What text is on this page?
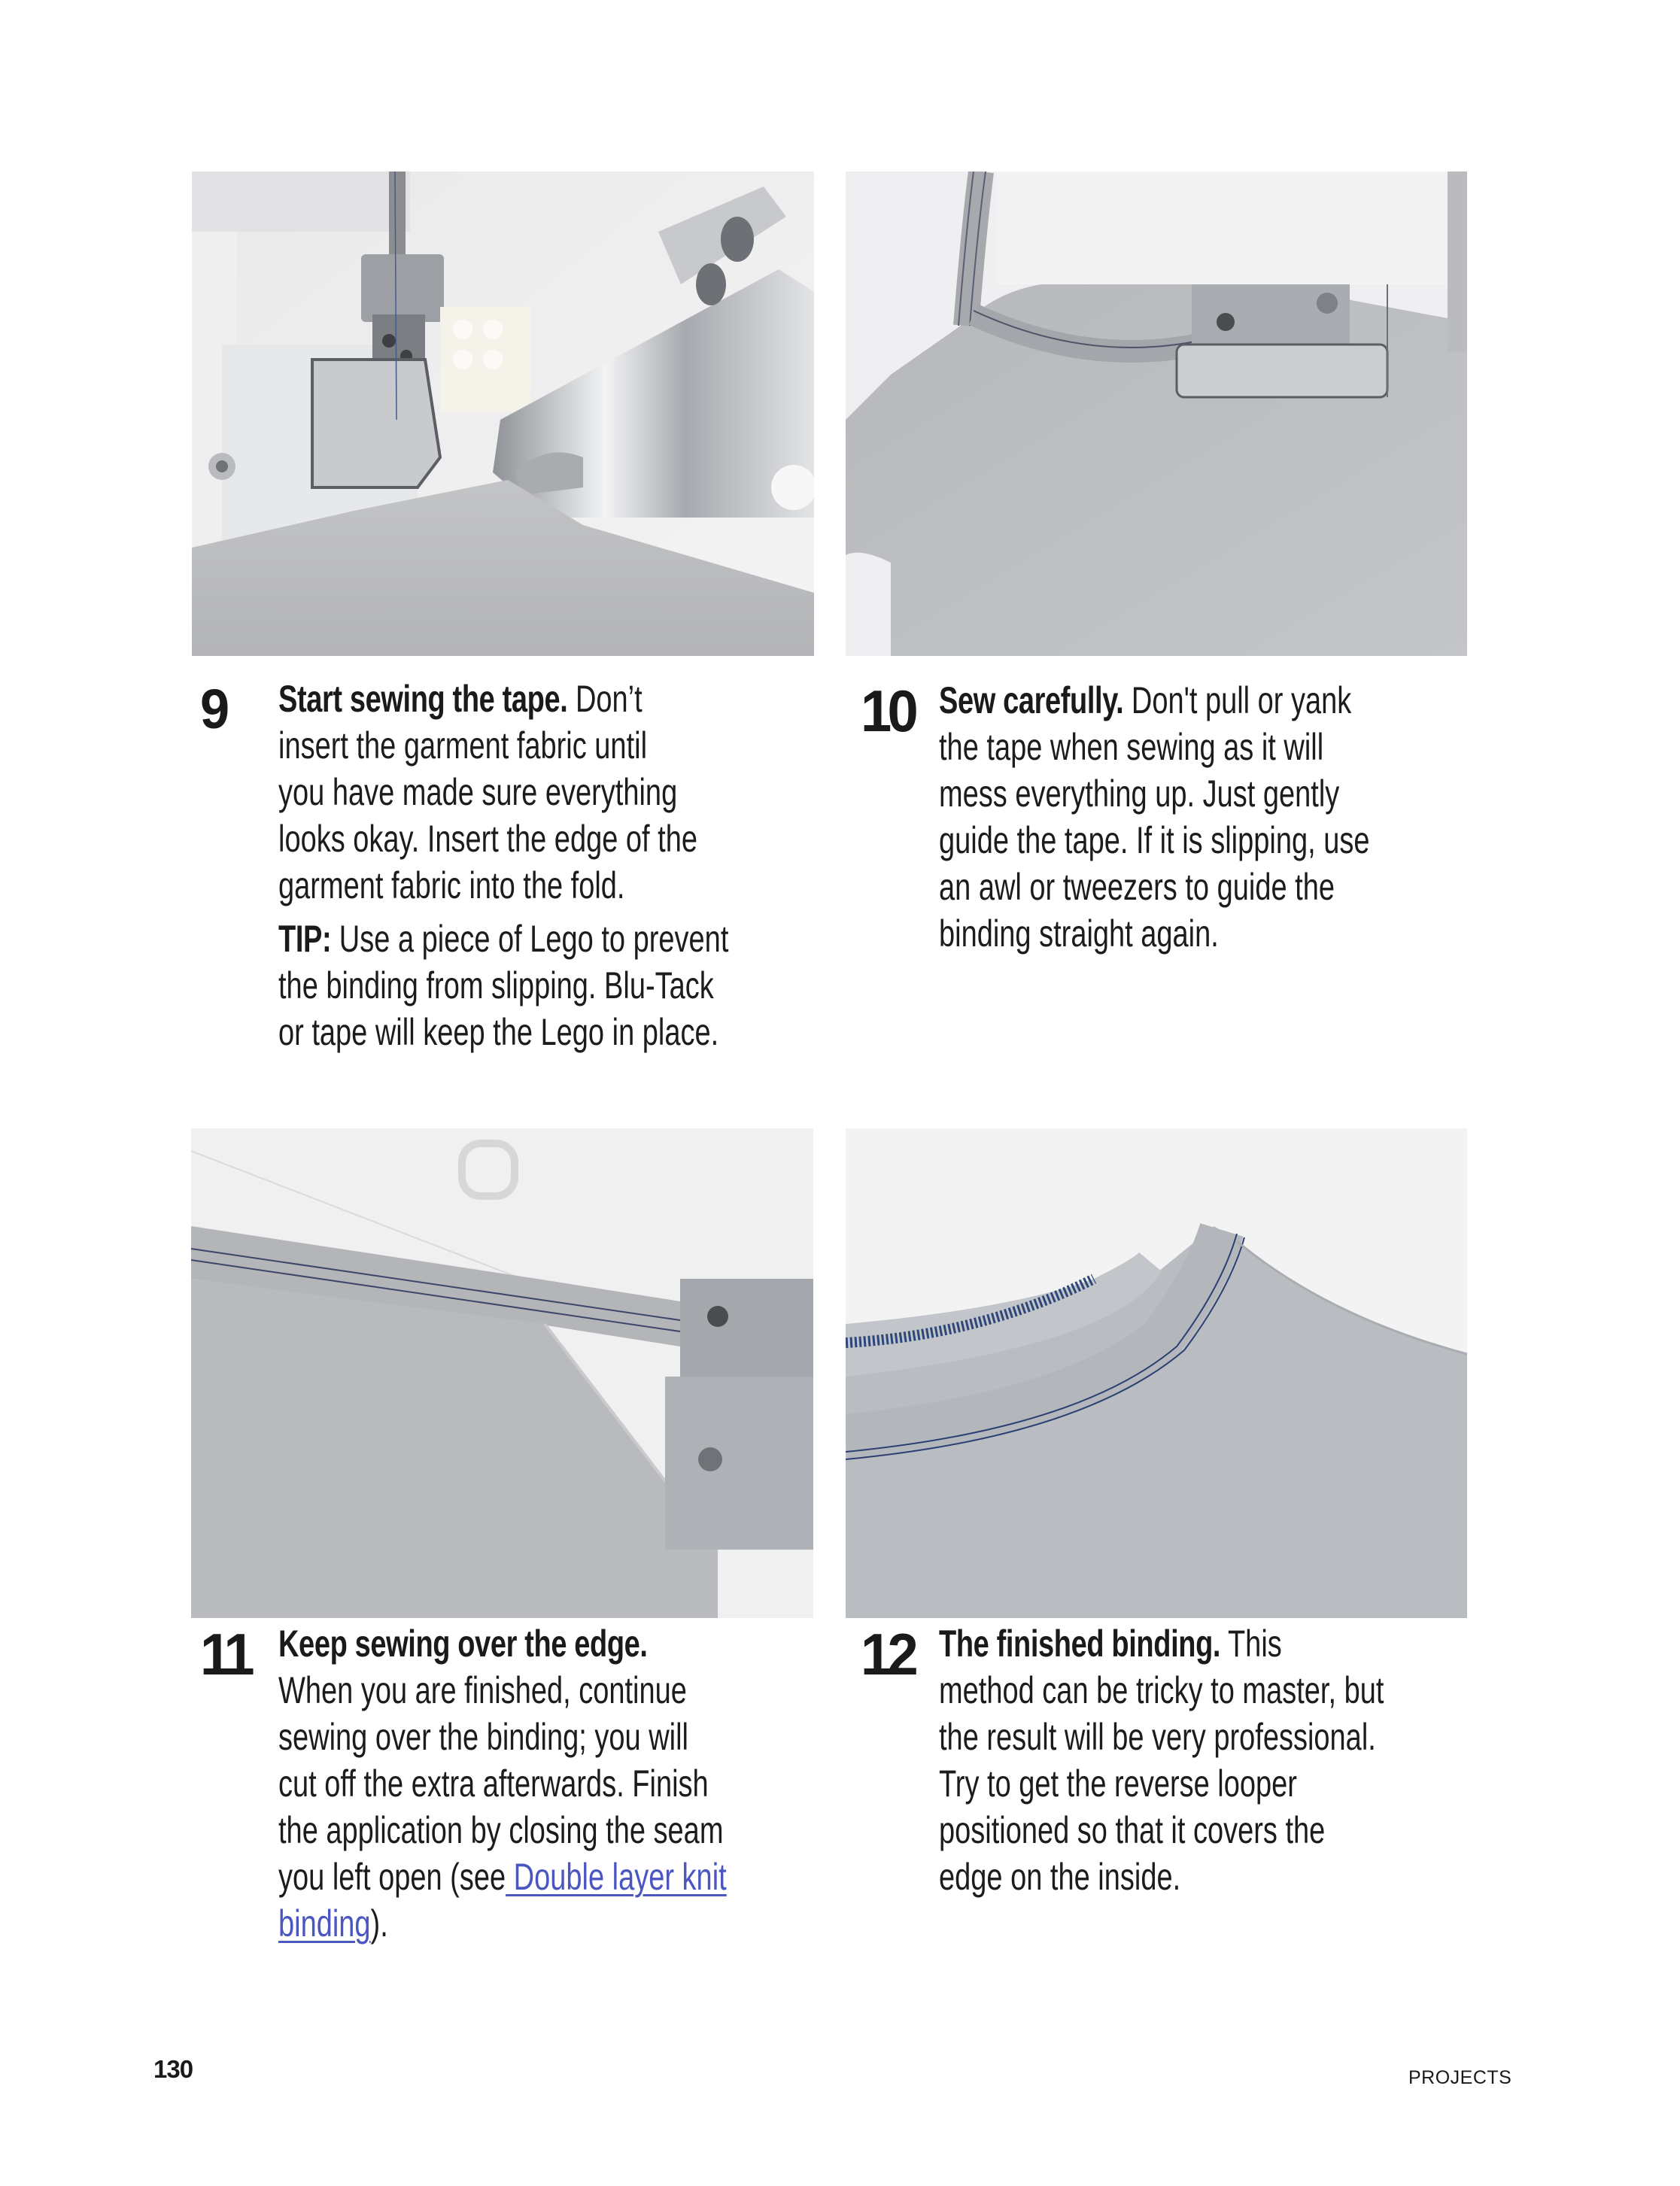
9 Start sewing the tape. Don’t
insert the garment fabric until
you have made sure everything
looks okay. Insert the edge of the
garment fabric into the fold.
TIP: Use a piece of Lego to prevent
the binding from slipping. Blu-Tack
or tape will keep the Lego in place.
10 Sew carefully. Don't pull or yank
the tape when sewing as it will
mess everything up. Just gently
guide the tape. If it is slipping, use
an awl or tweezers to guide the
binding straight again.
11 Keep sewing over the edge.
When you are finished, continue
sewing over the binding; you will
cut off the extra afterwards. Finish
the application by closing the seam
you left open (see Double layer knit
binding).
12 The finished binding. This
method can be tricky to master, but
the result will be very professional.
Try to get the reverse looper
positioned so that it covers the
edge on the inside.
130	PROJECTS
